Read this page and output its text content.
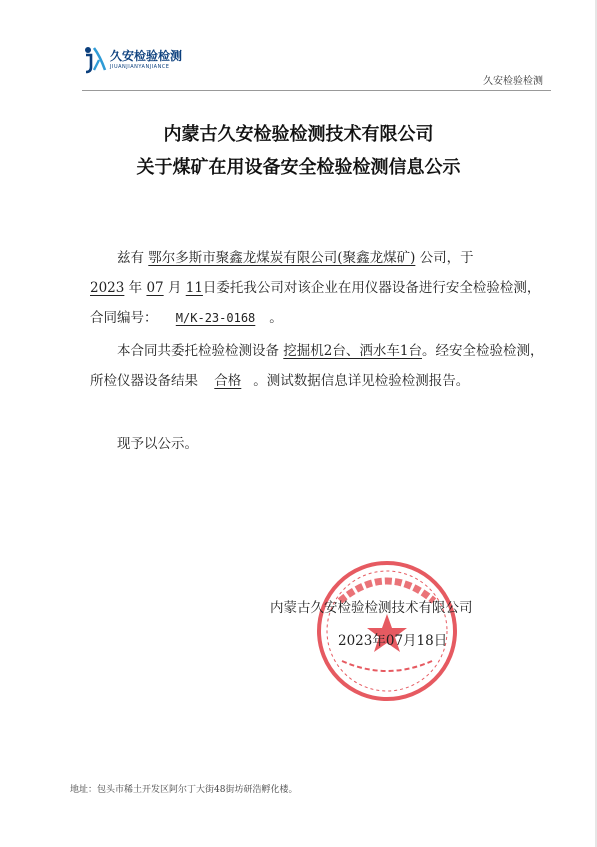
久安检验检测
JIUANJIANYANJIANCE
久安检验检测
内蒙古久安检验检测技术有限公司
关于煤矿在用设备安全检验检测信息公示
兹有 鄂尔多斯市聚鑫龙煤炭有限公司(聚鑫龙煤矿) 公司，于
2023 年 07 月 11日委托我公司对该企业在用仪器设备进行安全检验检测，合同编号： M/K-23-0168 。
本合同共委托检验检测设备 挖掘机2台、洒水车1台。经安全检验检测，所检仪器设备结果 合格 。测试数据信息详见检验检测报告。
现予以公示。
内蒙古久安检验检测技术有限公司
2023年07月18日
地址：包头市稀土开发区阿尔丁大街48街坊研浩孵化楼。
